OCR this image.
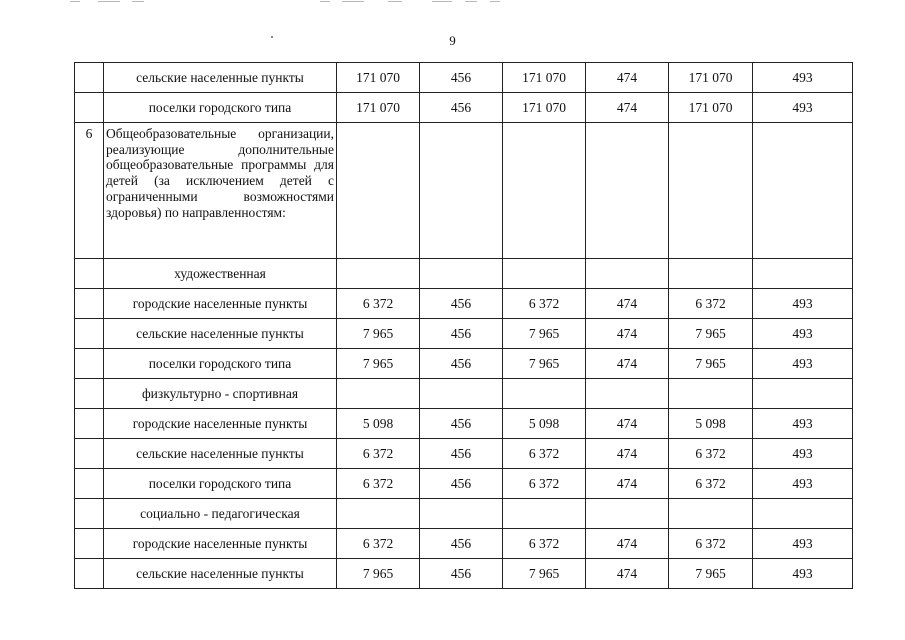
9
	сельские населенные пункты	171 070	456	171 070	474	171 070	493
	поселки городского типа	171 070	456	171 070	474	171 070	493
6	Общеобразовательные организации, реализующие дополнительные общеобразовательные программы для детей (за исключением детей с ограниченными возможностями здоровья) по направленностям:						
	художественная						
	городские населенные пункты	6 372	456	6 372	474	6 372	493
	сельские населенные пункты	7 965	456	7 965	474	7 965	493
	поселки городского типа	7 965	456	7 965	474	7 965	493
	физкультурно - спортивная						
	городские населенные пункты	5 098	456	5 098	474	5 098	493
	сельские населенные пункты	6 372	456	6 372	474	6 372	493
	поселки городского типа	6 372	456	6 372	474	6 372	493
	социально - педагогическая						
	городские населенные пункты	6 372	456	6 372	474	6 372	493
	сельские населенные пункты	7 965	456	7 965	474	7 965	493
